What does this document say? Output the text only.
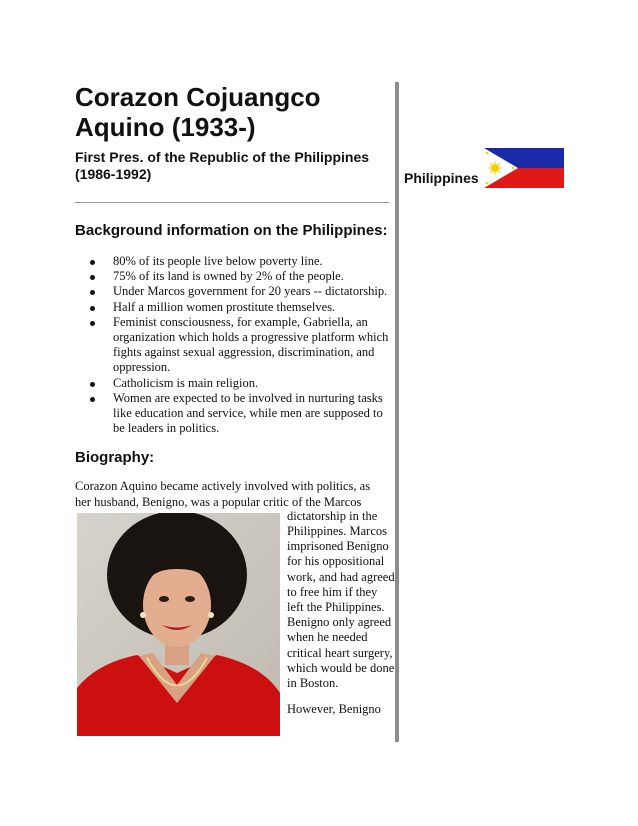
Corazon Cojuangco
Aquino (1933-)
First Pres. of the Republic of the Philippines
(1986-1992)
Background information on the Philippines:
80% of its people live below poverty line.
75% of its land is owned by 2% of the people.
Under Marcos government for 20 years -- dictatorship.
Half a million women prostitute themselves.
Feminist consciousness, for example, Gabriella, an organization which holds a progressive platform which fights against sexual aggression, discrimination, and oppression.
Catholicism is main religion.
Women are expected to be involved in nurturing tasks like education and service, while men are supposed to be leaders in politics.
Biography:
Corazon Aquino became actively involved with politics, as her husband, Benigno, was a popular critic of the Marcos

dictatorship in the Philippines. Marcos imprisoned Benigno for his oppositional work, and had agreed to free him if they left the Philippines. Benigno only agreed when he needed critical heart surgery, which would be done in Boston.

However, Benigno

Philippines
